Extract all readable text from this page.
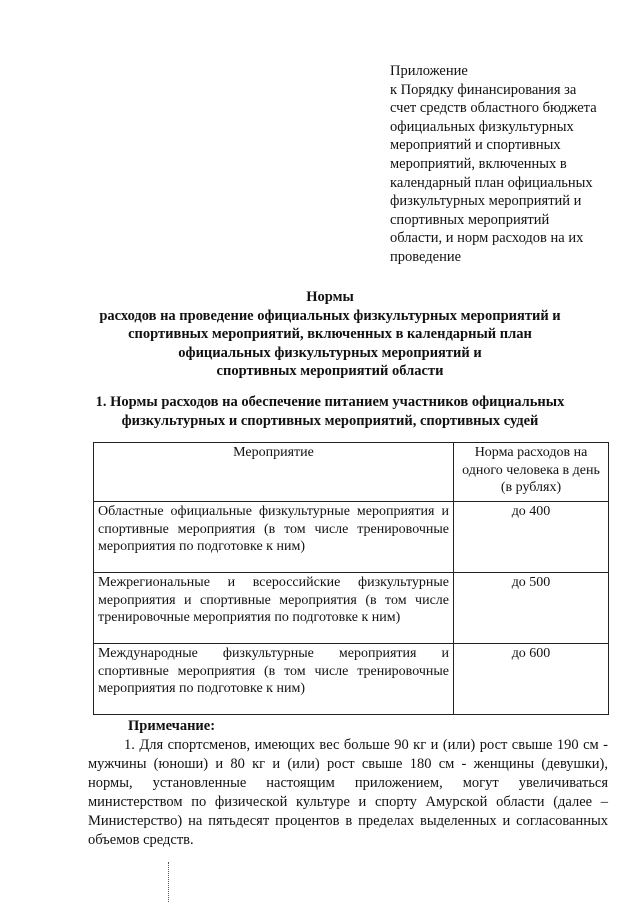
Приложение
к Порядку финансирования за
счет средств областного бюджета
официальных физкультурных
мероприятий и спортивных
мероприятий, включенных в
календарный план официальных
физкультурных мероприятий и
спортивных мероприятий
области, и норм расходов на их
проведение
Нормы
расходов на проведение официальных физкультурных мероприятий и
спортивных мероприятий, включенных в календарный план
официальных физкультурных мероприятий и
спортивных мероприятий области
1. Нормы расходов на обеспечение питанием участников официальных
физкультурных и спортивных мероприятий, спортивных судей
Мероприятие	Норма расходов на одного человека в день (в рублях)
Областные официальные физкультурные мероприятия и спортивные мероприятия (в том числе тренировочные мероприятия по подготовке к ним)	до 400
Межрегиональные и всероссийские физкультурные мероприятия и спортивные мероприятия (в том числе тренировочные мероприятия по подготовке к ним)	до 500
Международные физкультурные мероприятия и спортивные мероприятия (в том числе тренировочные мероприятия по подготовке к ним)	до 600
Примечание:
1. Для спортсменов, имеющих вес больше 90 кг и (или) рост свыше 190 см - мужчины (юноши) и 80 кг и (или) рост свыше 180 см - женщины (девушки), нормы, установленные настоящим приложением, могут увеличиваться министерством по физической культуре и спорту Амурской области (далее – Министерство) на пятьдесят процентов в пределах выделенных и согласованных объемов средств.
